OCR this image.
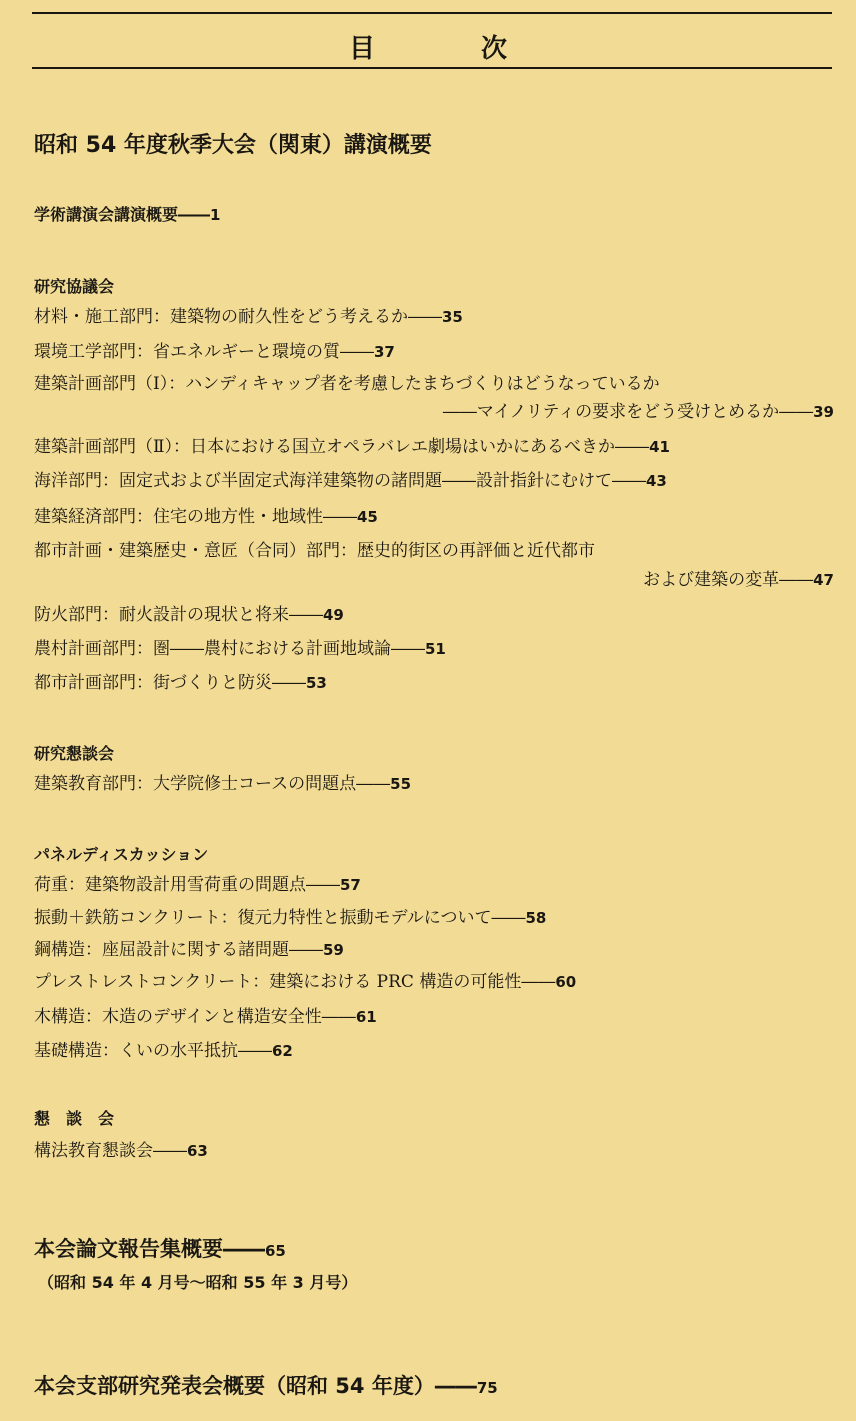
目　次
昭和 54 年度秋季大会（関東）講演概要
学術講演会講演概要――1
研究協議会
材料・施工部門：建築物の耐久性をどう考えるか――35
環境工学部門：省エネルギーと環境の質――37
建築計画部門（Ⅰ）：ハンディキャップ者を考慮したまちづくりはどうなっているか
――マイノリティの要求をどう受けとめるか――39
建築計画部門（Ⅱ）：日本における国立オペラバレエ劇場はいかにあるべきか――41
海洋部門：固定式および半固定式海洋建築物の諸問題――設計指針にむけて――43
建築経済部門：住宅の地方性・地域性――45
都市計画・建築歴史・意匠（合同）部門：歴史的街区の再評価と近代都市
および建築の変革――47
防火部門：耐火設計の現状と将来――49
農村計画部門：圏――農村における計画地域論――51
都市計画部門：街づくりと防災――53
研究懇談会
建築教育部門：大学院修士コースの問題点――55
パネルディスカッション
荷重：建築物設計用雪荷重の問題点――57
振動＋鉄筋コンクリート：復元力特性と振動モデルについて――58
鋼構造：座屈設計に関する諸問題――59
プレストレストコンクリート：建築における PRC 構造の可能性――60
木構造：木造のデザインと構造安全性――61
基礎構造：くいの水平抵抗――62
懇　談　会
構法教育懇談会――63
本会論文報告集概要――65
（昭和 54 年 4 月号～昭和 55 年 3 月号）
本会支部研究発表会概要（昭和 54 年度）――75
